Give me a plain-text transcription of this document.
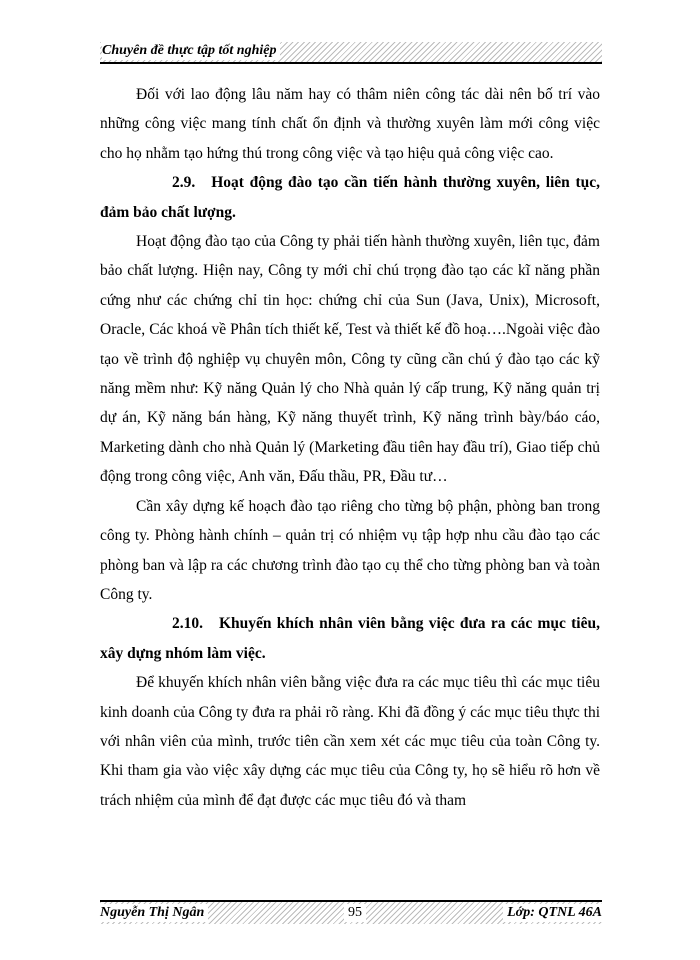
Chuyên đề thực tập tốt nghiệp

Đối với lao động lâu năm hay có thâm niên công tác dài nên bố trí vào những công việc mang tính chất ổn định và thường xuyên làm mới công việc cho họ nhằm tạo hứng thú trong công việc và tạo hiệu quả công việc cao.

2.9. Hoạt động đào tạo cần tiến hành thường xuyên, liên tục, đảm bảo chất lượng.

Hoạt động đào tạo của Công ty phải tiến hành thường xuyên, liên tục, đảm bảo chất lượng. Hiện nay, Công ty mới chỉ chú trọng đào tạo các kĩ năng phần cứng như các chứng chỉ tin học: chứng chỉ của Sun (Java, Unix), Microsoft, Oracle, Các khoá về Phân tích thiết kế, Test và thiết kế đồ hoạ….Ngoài việc đào tạo về trình độ nghiệp vụ chuyên môn, Công ty cũng cần chú ý đào tạo các kỹ năng mềm như: Kỹ năng Quản lý cho Nhà quản lý cấp trung, Kỹ năng quản trị dự án, Kỹ năng bán hàng, Kỹ năng thuyết trình, Kỹ năng trình bày/báo cáo, Marketing dành cho nhà Quản lý (Marketing đầu tiên hay đầu trí), Giao tiếp chủ động trong công việc, Anh văn, Đấu thầu, PR, Đầu tư…

Cần xây dựng kế hoạch đào tạo riêng cho từng bộ phận, phòng ban trong công ty. Phòng hành chính – quản trị có nhiệm vụ tập hợp nhu cầu đào tạo các phòng ban và lập ra các chương trình đào tạo cụ thể cho từng phòng ban và toàn Công ty.

2.10. Khuyến khích nhân viên bằng việc đưa ra các mục tiêu, xây dựng nhóm làm việc.

Để khuyến khích nhân viên bằng việc đưa ra các mục tiêu thì các mục tiêu kinh doanh của Công ty đưa ra phải rõ ràng. Khi đã đồng ý các mục tiêu thực thi với nhân viên của mình, trước tiên cần xem xét các mục tiêu của toàn Công ty. Khi tham gia vào việc xây dựng các mục tiêu của Công ty, họ sẽ hiểu rõ hơn về trách nhiệm của mình để đạt được các mục tiêu đó và tham

Nguyễn Thị Ngân	95	Lớp: QTNL 46A
